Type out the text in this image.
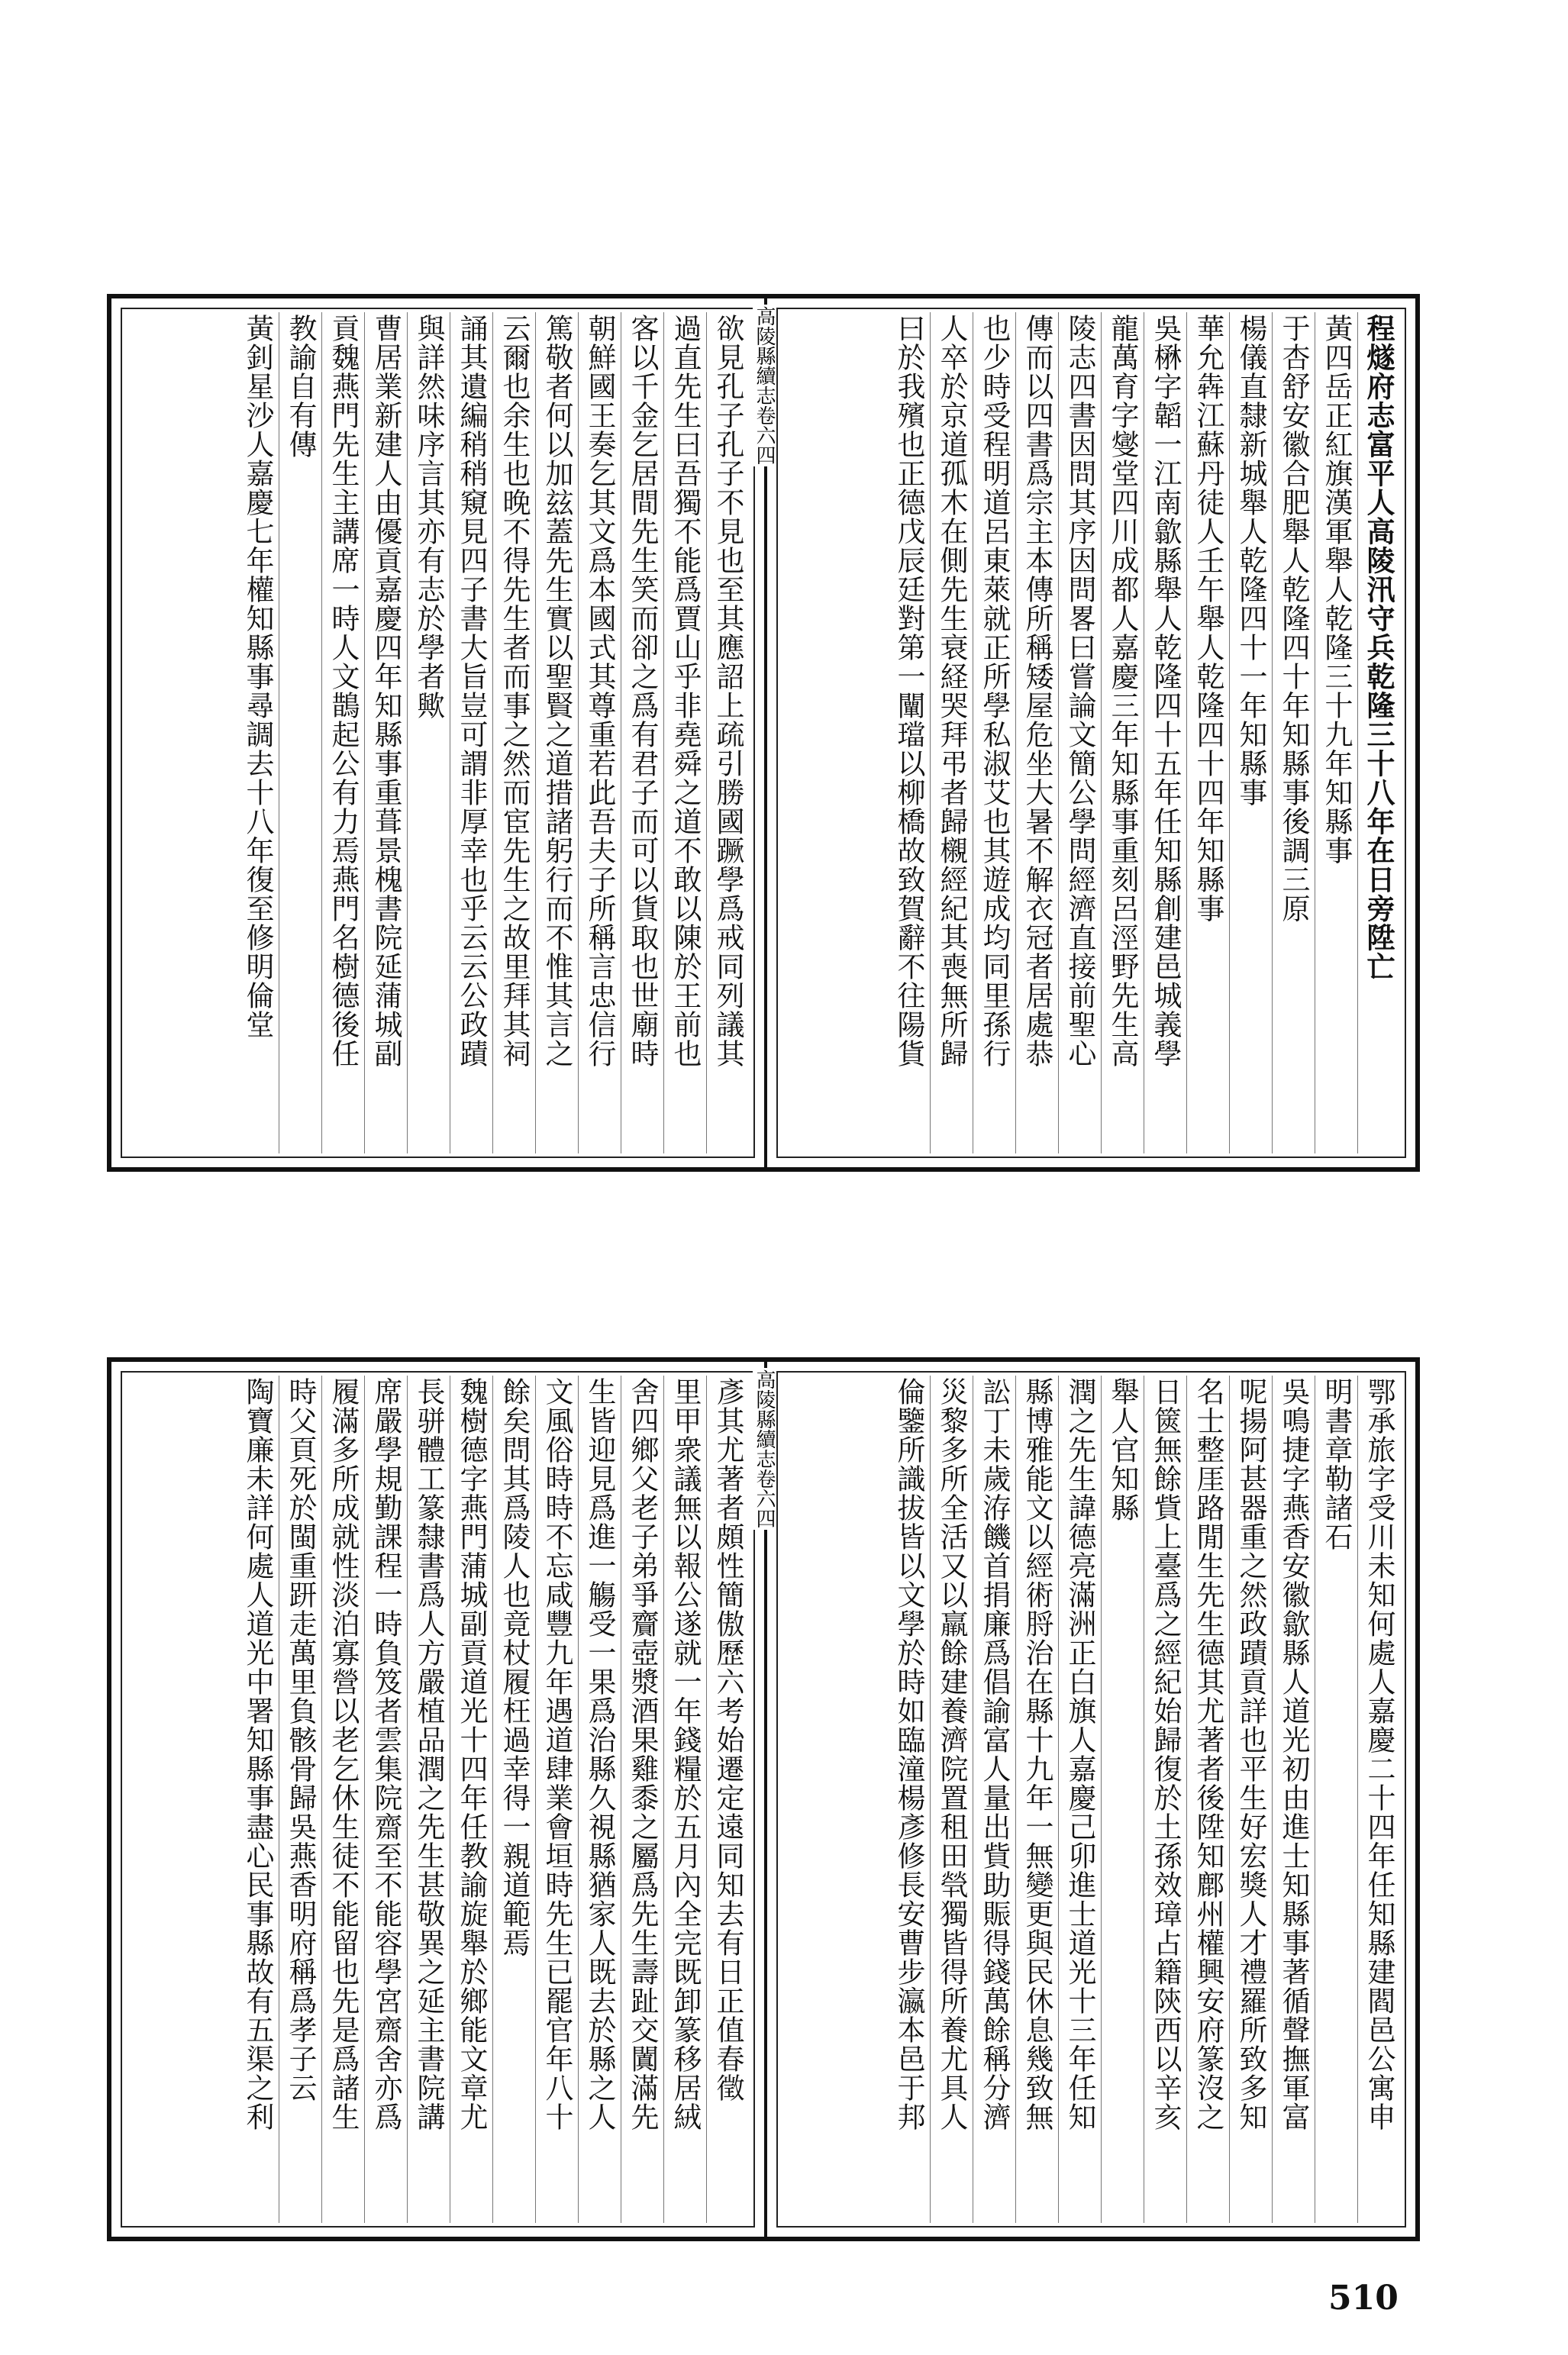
欲見孔子孔子不見也至其應詔上疏引勝國蹶學爲戒同列議其
過直先生曰吾獨不能爲賈山乎非堯舜之道不敢以陳於王前也
客以千金乞居間先生笑而卻之爲有君子而可以貨取也世廟時
朝鮮國王奏乞其文爲本國式其尊重若此吾夫子所稱言忠信行
篤敬者何以加玆蓋先生實以聖賢之道措諸躬行而不惟其言之
云爾也余生也晚不得先生者而事之然而宦先生之故里拜其祠
誦其遺編稍稍窺見四子書大旨豈可謂非厚幸也乎云云公政蹟
與詳然味序言其亦有志於學者歟
曹居業新建人由優貢嘉慶四年知縣事重葺景槐書院延蒲城副
貢魏燕門先生主講席一時人文鵲起公有力焉燕門名樹德後任
教諭自有傳
黃釗星沙人嘉慶七年權知縣事尋調去十八年復至修明倫堂	程燧府志富平人高陵汛守兵乾隆三十八年在日旁陞亡
黃四岳正紅旗漢軍舉人乾隆三十九年知縣事
于杏舒安徽合肥舉人乾隆四十年知縣事後調三原
楊儀直隸新城舉人乾隆四十一年知縣事
華允犇江蘇丹徒人壬午舉人乾隆四十四年知縣事
吳楙字韜一江南歙縣舉人乾隆四十五年任知縣創建邑城義學
龍萬育字燮堂四川成都人嘉慶三年知縣事重刻呂涇野先生高
陵志四書因問其序因問畧曰嘗論文簡公學問經濟直接前聖心
傳而以四書爲宗主本傳所稱矮屋危坐大暑不解衣冠者居處恭
也少時受程明道呂東萊就正所學私淑艾也其遊成均同里孫行
人卒於京道孤木在側先生衰経哭拜弔者歸櫬經紀其喪無所歸
曰於我殯也正德戊辰廷對第一闡璫以柳橋故致賀辭不往陽貨
高陵縣續志卷六四
彥其尤著者頗性簡傲歷六考始遷定遠同知去有日正值春徵
里甲衆議無以報公遂就一年錢糧於五月內全完既卸篆移居絨
舍四鄉父老子弟爭齎壺漿酒果雞黍之屬爲先生壽趾交闐滿先
生皆迎見爲進一觴受一果爲治縣久視縣猶家人既去於縣之人
文風俗時時不忘咸豐九年遇道肆業會垣時先生已罷官年八十
餘矣問其爲陵人也竟杖履枉過幸得一親道範焉
魏樹德字燕門蒲城副貢道光十四年任教諭旋舉於鄉能文章尤
長骈體工篆隸書爲人方嚴植品潤之先生甚敬異之延主書院講
席嚴學規勤課程一時負笈者雲集院齋至不能容學宮齋舍亦爲
履滿多所成就性淡泊寡營以老乞休生徒不能留也先是爲諸生
時父頁死於閩重趼走萬里負骸骨歸吳燕香明府稱爲孝子云
陶寶廉未詳何處人道光中署知縣事盡心民事縣故有五渠之利	鄂承旅字受川未知何處人嘉慶二十四年任知縣建閻邑公寓申
明書章勒諸石
吳鳴捷字燕香安徽歙縣人道光初由進士知縣事著循聲撫軍富
呢揚阿甚器重之然政蹟貢詳也平生好宏獎人才禮羅所致多知
名士整厓路閒生先生德其尤著者後陞知鄜州權興安府篆沒之
日篋無餘貲上臺爲之經紀始歸復於土孫效璋占籍陝西以辛亥
舉人官知縣
潤之先生諱德亮滿洲正白旗人嘉慶己卯進士道光十三年任知
縣博雅能文以經術脟治在縣十九年一無變更與民休息幾致無
訟丁未歲洊饑首捐廉爲倡諭富人量出貲助賑得錢萬餘稱分濟
災黎多所全活又以羸餘建養濟院置租田煢獨皆得所養尤具人
倫鑒所識拔皆以文學於時如臨潼楊彥修長安曹步瀛本邑于邦
高陵縣續志卷六四
510
